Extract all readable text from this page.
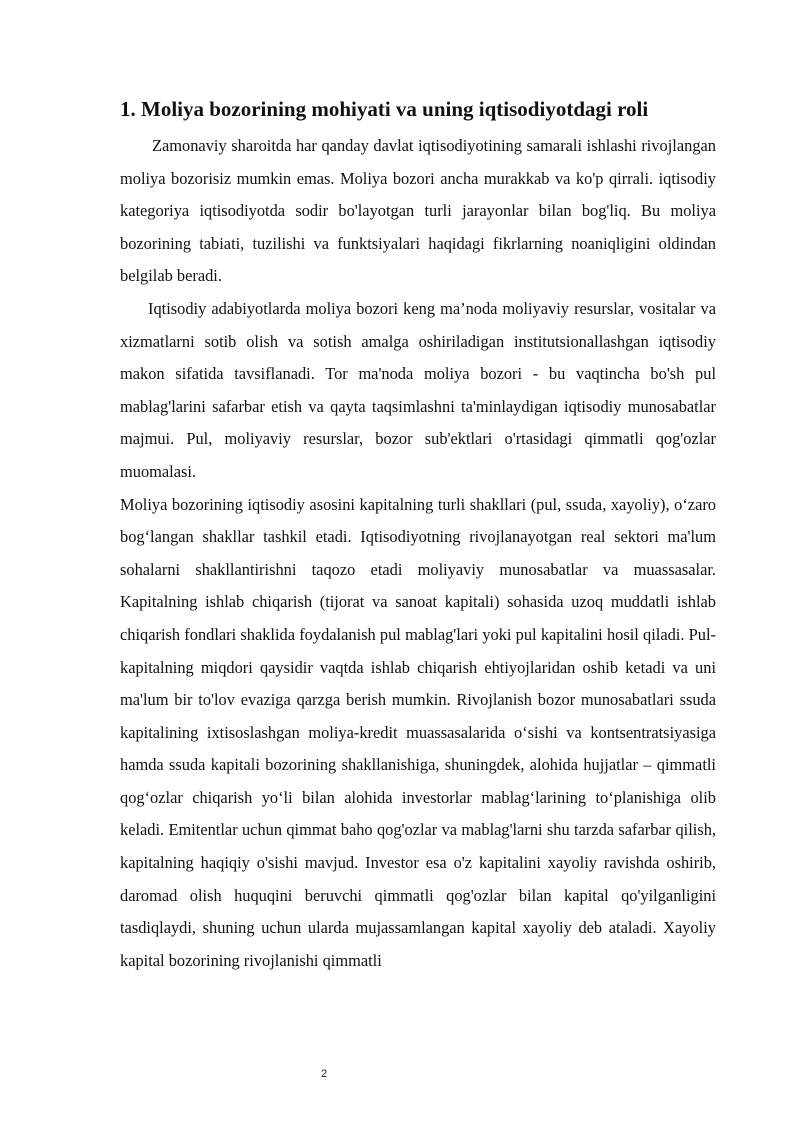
1. Moliya bozorining mohiyati va uning iqtisodiyotdagi roli

Zamonaviy sharoitda har qanday davlat iqtisodiyotining samarali ishlashi rivojlangan moliya bozorisiz mumkin emas. Moliya bozori ancha murakkab va ko'p qirrali. iqtisodiy kategoriya iqtisodiyotda sodir bo'layotgan turli jarayonlar bilan bog'liq. Bu moliya bozorining tabiati, tuzilishi va funktsiyalari haqidagi fikrlarning noaniqligini oldindan belgilab beradi.

Iqtisodiy adabiyotlarda moliya bozori keng ma’noda moliyaviy resurslar, vositalar va xizmatlarni sotib olish va sotish amalga oshiriladigan institutsionallashgan iqtisodiy makon sifatida tavsiflanadi. Tor ma'noda moliya bozori - bu vaqtincha bo'sh pul mablag'larini safarbar etish va qayta taqsimlashni ta'minlaydigan iqtisodiy munosabatlar majmui. Pul, moliyaviy resurslar, bozor sub'ektlari o'rtasidagi qimmatli qog'ozlar muomalasi.

Moliya bozorining iqtisodiy asosini kapitalning turli shakllari (pul, ssuda, xayoliy), o‘zaro bog‘langan shakllar tashkil etadi. Iqtisodiyotning rivojlanayotgan real sektori ma'lum sohalarni shakllantirishni taqozo etadi moliyaviy munosabatlar va muassasalar. Kapitalning ishlab chiqarish (tijorat va sanoat kapitali) sohasida uzoq muddatli ishlab chiqarish fondlari shaklida foydalanish pul mablag'lari yoki pul kapitalini hosil qiladi. Pul-kapitalning miqdori qaysidir vaqtda ishlab chiqarish ehtiyojlaridan oshib ketadi va uni ma'lum bir to'lov evaziga qarzga berish mumkin. Rivojlanish bozor munosabatlari ssuda kapitalining ixtisoslashgan moliya-kredit muassasalarida o‘sishi va kontsentratsiyasiga hamda ssuda kapitali bozorining shakllanishiga, shuningdek, alohida hujjatlar – qimmatli qog‘ozlar chiqarish yo‘li bilan alohida investorlar mablag‘larining to‘planishiga olib keladi. Emitentlar uchun qimmat baho qog'ozlar va mablag'larni shu tarzda safarbar qilish, kapitalning haqiqiy o'sishi mavjud. Investor esa o'z kapitalini xayoliy ravishda oshirib, daromad olish huquqini beruvchi qimmatli qog'ozlar bilan kapital qo'yilganligini tasdiqlaydi, shuning uchun ularda mujassamlangan kapital xayoliy deb ataladi. Xayoliy kapital bozorining rivojlanishi qimmatli

2
